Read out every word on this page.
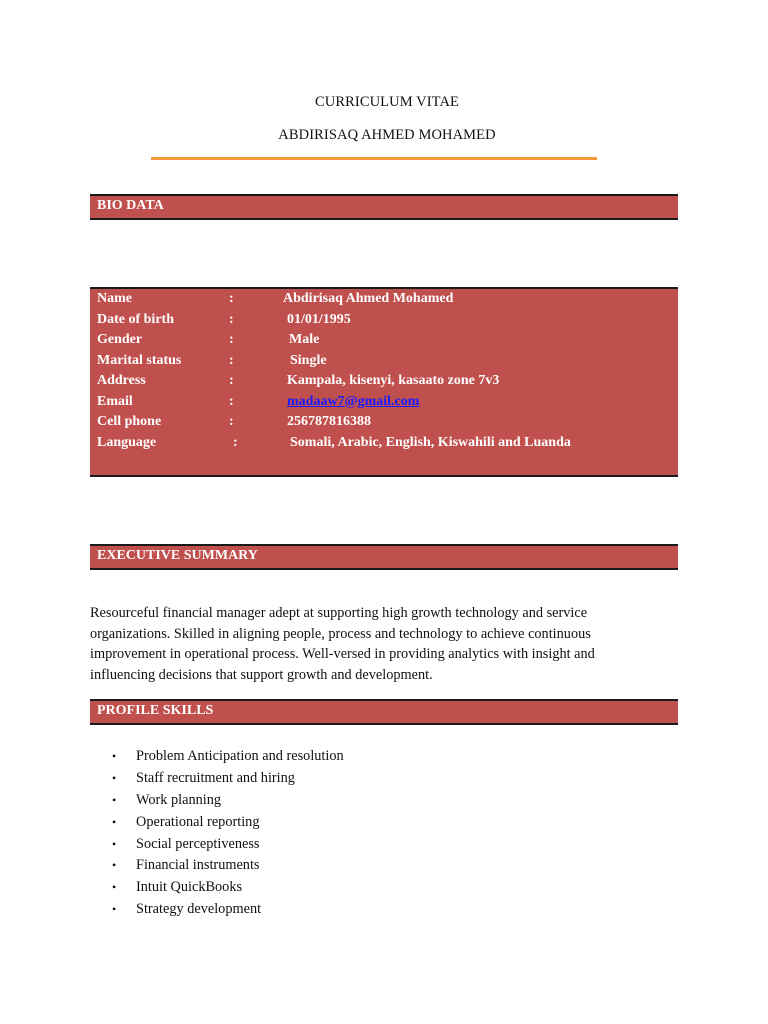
CURRICULUM VITAE
ABDIRISAQ AHMED MOHAMED
BIO DATA
Name	:	Abdirisaq Ahmed Mohamed
Date of birth	:	01/01/1995
Gender	:	Male
Marital status	:	Single
Address	:	Kampala, kisenyi, kasaato zone 7v3
Email	:	madaaw7@gmail.com
Cell phone	:	256787816388
Language	:	Somali, Arabic, English, Kiswahili and Luanda
EXECUTIVE SUMMARY

Resourceful financial manager adept at supporting high growth technology and service organizations. Skilled in aligning people, process and technology to achieve continuous improvement in operational process. Well-versed in providing analytics with insight and influencing decisions that support growth and development.

PROFILE SKILLS
• Problem Anticipation and resolution
• Staff recruitment and hiring
• Work planning
• Operational reporting
• Social perceptiveness
• Financial instruments
• Intuit QuickBooks
• Strategy development
